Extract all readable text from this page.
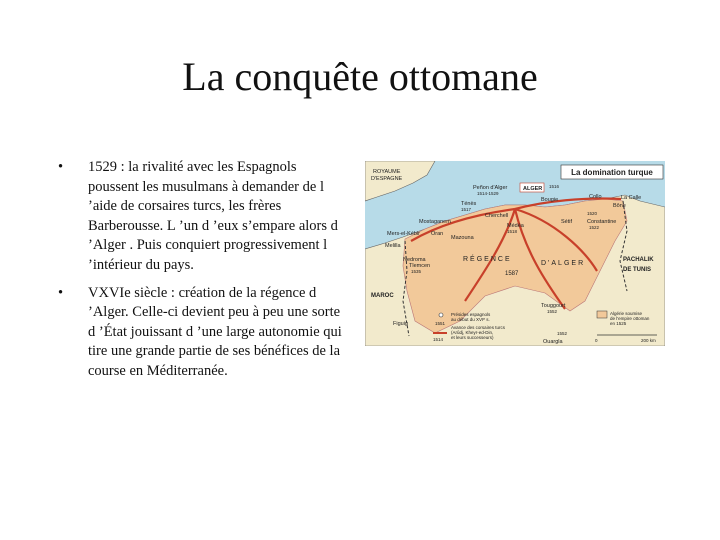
La conquête ottomane
• 1529 : la rivalité avec les Espagnols poussent les musulmans à demander de l ’aide de corsaires turcs, les frères Barberousse. L ’un d ’eux s’empare alors d ’Alger . Puis conquiert progressivement l ’intérieur du pays.
• VXVIe siècle : création de la régence d ’Alger. Celle-ci devient peu à peu une sorte d ’État jouissant d ’une large autonomie qui tire une grande partie de ses bénéfices de la course en Méditerranée.
La domination turque
ROYAUME
D'ESPAGNE
Peñon d'Alger
1514-1529
ALGER 1516
Bougie	Collo	La Calle
Bône
Ténès
1517
Cherchell
Mostaganem
Mers-el-Kébir Oran
Mazouna
Médéa
1518
Sétif
1520
Constantine
1522
Melilla
Nedroma
Tlemcen
1535
RÉGENCE
D'ALGER
1587
PACHALIK
DE TUNIS
MAROC
Touggourt
1552
Figuig
Ouargla
1552
1551
Présides espagnols
au début du XVIᵉ s.
1514
Avance des corsaires turcs
(Arûdj, Kheyr-ed-Din,
et leurs successeurs)
Algérie soumise
de l'empire ottoman
en 1525
0	200 km
